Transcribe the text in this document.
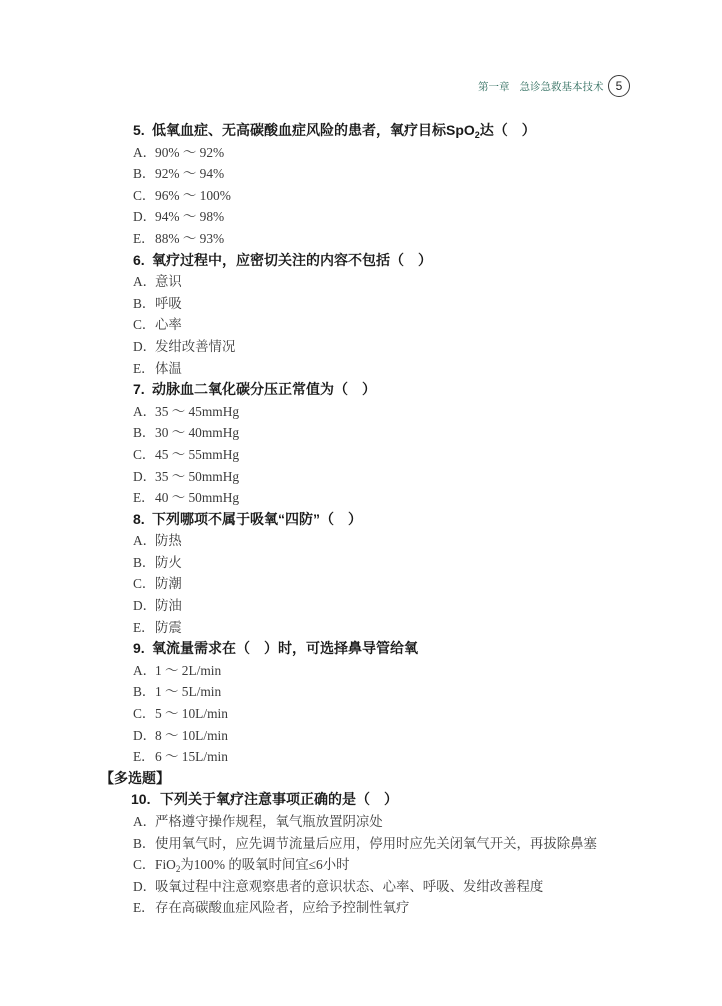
第一章 急诊急救基本技术	5
5. 低氧血症、无高碳酸血症风险的患者，氧疗目标SpO$_2$达（　）
A．90% ～ 92%
B．92% ～ 94%
C．96% ～ 100%
D．94% ～ 98%
E．88% ～ 93%
6. 氧疗过程中，应密切关注的内容不包括（　）
A．意识
B．呼吸
C．心率
D．发绀改善情况
E．体温
7. 动脉血二氧化碳分压正常值为（　）
A．35 ～ 45mmHg
B．30 ～ 40mmHg
C．45 ～ 55mmHg
D．35 ～ 50mmHg
E．40 ～ 50mmHg
8. 下列哪项不属于吸氧“四防”（　）
A．防热
B．防火
C．防潮
D．防油
E．防震
9. 氧流量需求在（　）时，可选择鼻导管给氧
A．1 ～ 2L/min
B．1 ～ 5L/min
C．5 ～ 10L/min
D．8 ～ 10L/min
E．6 ～ 15L/min
【多选题】
10. 下列关于氧疗注意事项正确的是（　）
A．严格遵守操作规程，氧气瓶放置阴凉处
B．使用氧气时，应先调节流量后应用，停用时应先关闭氧气开关，再拔除鼻塞
C．FiO$_2$为100% 的吸氧时间宜≤6小时
D．吸氧过程中注意观察患者的意识状态、心率、呼吸、发绀改善程度
E．存在高碳酸血症风险者，应给予控制性氧疗
